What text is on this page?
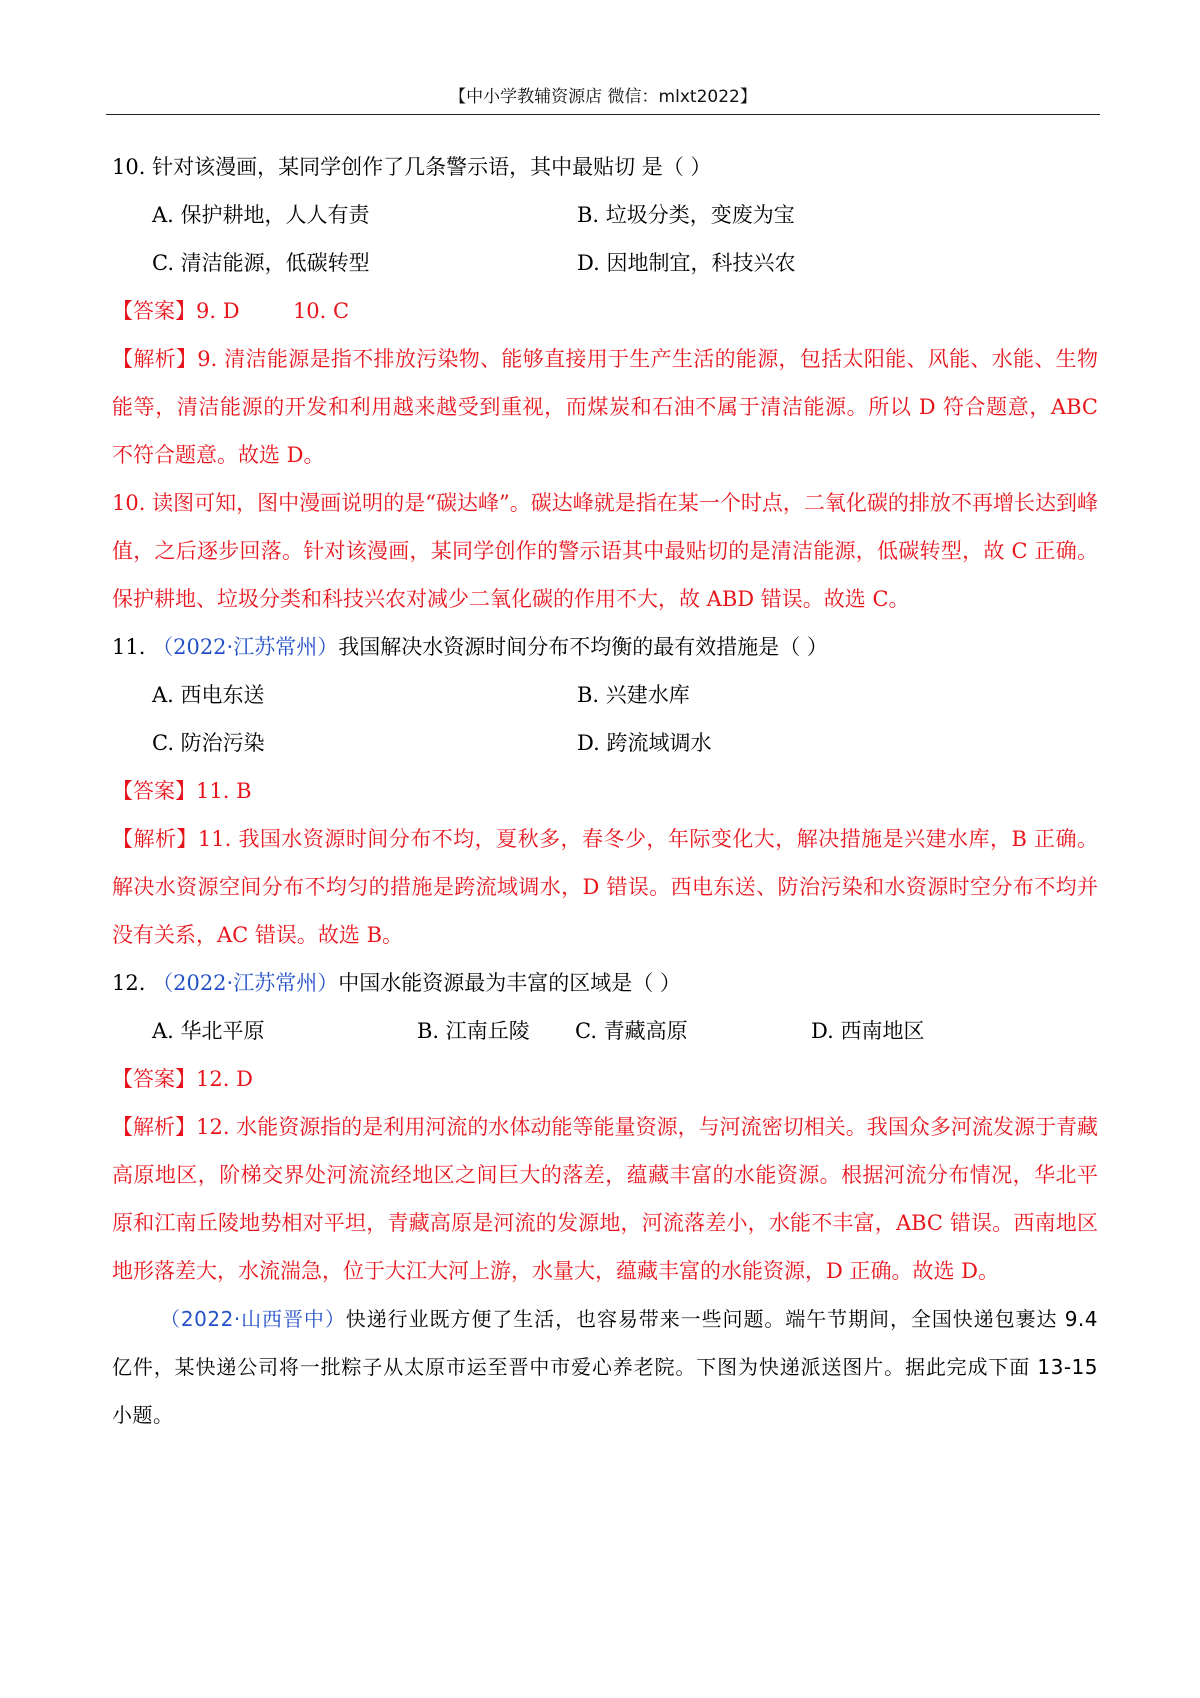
【中小学教辅资源店 微信：mlxt2022】
10. 针对该漫画，某同学创作了几条警示语，其中最贴切 是（ ）
A. 保护耕地，人人有责	B. 垃圾分类，变废为宝
C. 清洁能源，低碳转型	D. 因地制宜，科技兴农
【答案】9. D        10. C
【解析】9. 清洁能源是指不排放污染物、能够直接用于生产生活的能源，包括太阳能、风能、水能、生物能等，清洁能源的开发和利用越来越受到重视，而煤炭和石油不属于清洁能源。所以 D 符合题意，ABC 不符合题意。故选 D。
10. 读图可知，图中漫画说明的是“碳达峰”。碳达峰就是指在某一个时点，二氧化碳的排放不再增长达到峰值，之后逐步回落。针对该漫画，某同学创作的警示语其中最贴切的是清洁能源，低碳转型，故 C 正确。保护耕地、垃圾分类和科技兴农对减少二氧化碳的作用不大，故 ABD 错误。故选 C。
11. （2022·江苏常州）我国解决水资源时间分布不均衡的最有效措施是（ ）
A. 西电东送	B. 兴建水库
C. 防治污染	D. 跨流域调水
【答案】11. B
【解析】11. 我国水资源时间分布不均，夏秋多，春冬少，年际变化大，解决措施是兴建水库，B 正确。解决水资源空间分布不均匀的措施是跨流域调水，D 错误。西电东送、防治污染和水资源时空分布不均并没有关系，AC 错误。故选 B。
12. （2022·江苏常州）中国水能资源最为丰富的区域是（ ）
A. 华北平原	B. 江南丘陵	C. 青藏高原	D. 西南地区
【答案】12. D
【解析】12. 水能资源指的是利用河流的水体动能等能量资源，与河流密切相关。我国众多河流发源于青藏高原地区，阶梯交界处河流流经地区之间巨大的落差，蕴藏丰富的水能资源。根据河流分布情况，华北平原和江南丘陵地势相对平坦，青藏高原是河流的发源地，河流落差小，水能不丰富，ABC 错误。西南地区地形落差大，水流湍急，位于大江大河上游，水量大，蕴藏丰富的水能资源，D 正确。故选 D。
（2022·山西晋中）快递行业既方便了生活，也容易带来一些问题。端午节期间，全国快递包裹达 9.4 亿件，某快递公司将一批粽子从太原市运至晋中市爱心养老院。下图为快递派送图片。据此完成下面 13-15 小题。
